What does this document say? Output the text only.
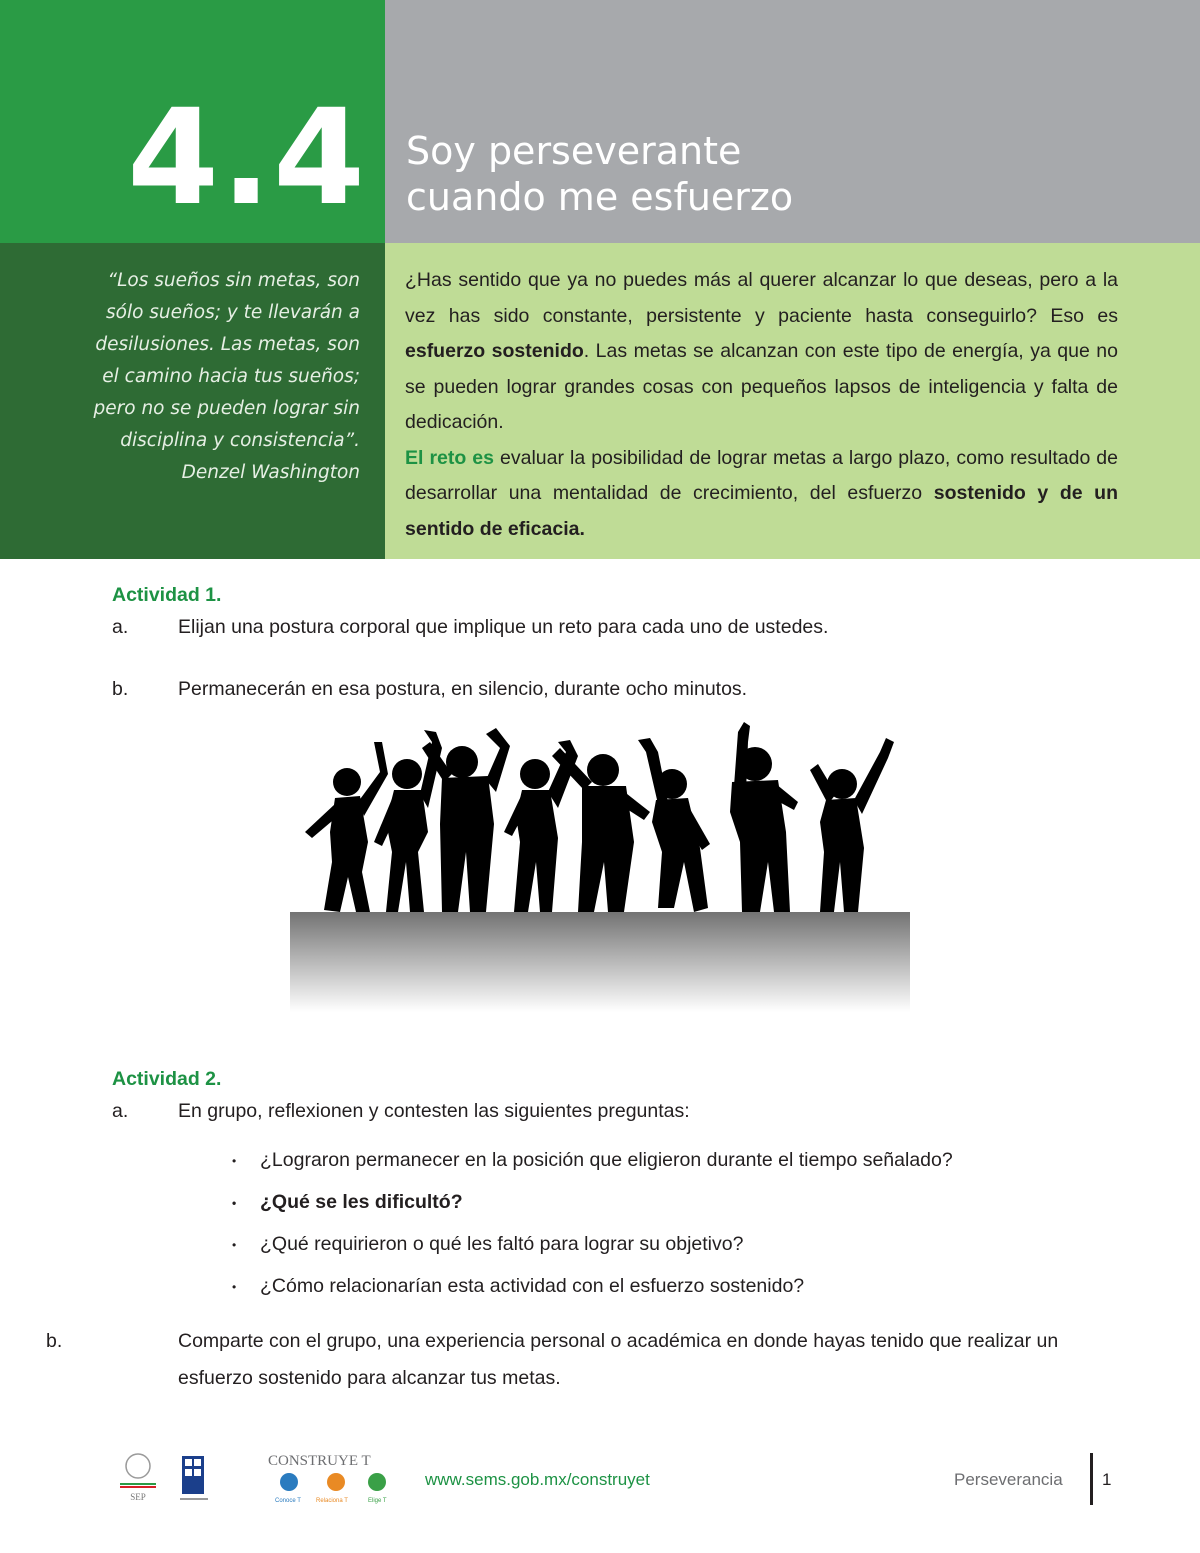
4.4 Soy perseverante
cuando me esfuerzo
“Los sueños sin metas, son
sólo sueños; y te llevarán a
desilusiones. Las metas, son
el camino hacia tus sueños;
pero no se pueden lograr sin
disciplina y consistencia”.
Denzel Washington
¿Has sentido que ya no puedes más al querer alcanzar lo que deseas, pero a la vez has sido constante, persistente y paciente hasta conseguirlo? Eso es esfuerzo sostenido. Las metas se alcanzan con este tipo de energía, ya que no se pueden lograr grandes cosas con pequeños lapsos de inteligencia y falta de dedicación.
El reto es evaluar la posibilidad de lograr metas a largo plazo, como resultado de desarrollar una mentalidad de crecimiento, del esfuerzo sostenido y de un sentido de eficacia.
Actividad 1.
a.	Elijan una postura corporal que implique un reto para cada uno de ustedes.
b.	Permanecerán en esa postura, en silencio, durante ocho minutos.
Actividad 2.
a.	En grupo, reflexionen y contesten las siguientes preguntas:
• ¿Lograron permanecer en la posición que eligieron durante el tiempo señalado?
• ¿Qué se les dificultó?
• ¿Qué requirieron o qué les faltó para lograr su objetivo?
• ¿Cómo relacionarían esta actividad con el esfuerzo sostenido?
b.	Comparte con el grupo, una experiencia personal o académica en donde hayas tenido que realizar un esfuerzo sostenido para alcanzar tus metas.
SEP
CONSTRUYE T
Conoce T	Relaciona T	Elige T
www.sems.gob.mx/construyet	Perseverancia 1
